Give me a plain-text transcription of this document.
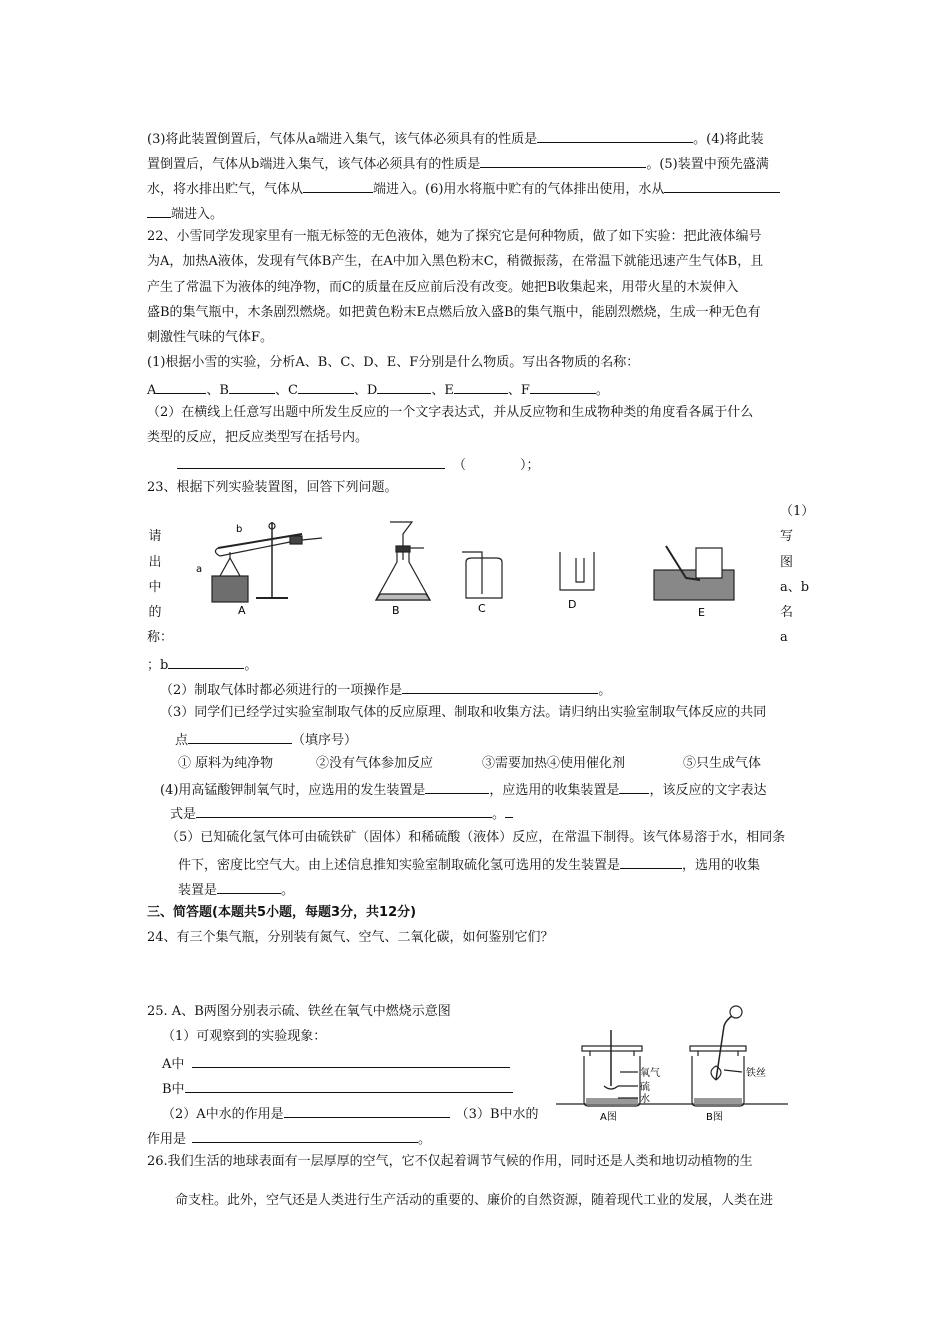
(3)将此装置倒置后，气体从a端进入集气，该气体必须具有的性质是	。(4)将此装
置倒置后，气体从b端进入集气，该气体必须具有的性质是	。(5)装置中预先盛满
水，将水排出贮气，气体从	端进入。(6)用水将瓶中贮有的气体排出使用，水从
端进入。
22、小雪同学发现家里有一瓶无标签的无色液体，她为了探究它是何种物质，做了如下实验：把此液体编号
为A，加热A液体，发现有气体B产生，在A中加入黑色粉末C，稍微振荡，在常温下就能迅速产生气体B，且
产生了常温下为液体的纯净物，而C的质量在反应前后没有改变。她把B收集起来，用带火星的木炭伸入
盛B的集气瓶中，木条剧烈燃烧。如把黄色粉末E点燃后放入盛B的集气瓶中，能剧烈燃烧，生成一种无色有
刺激性气味的气体F。
(1)根据小雪的实验，分析A、B、C、D、E、F分别是什么物质。写出各物质的名称：
A	、B	、C	、D	、E	、F	。
（2）在横线上任意写出题中所发生反应的一个文字表达式，并从反应物和生成物种类的角度看各属于什么
类型的反应，把反应类型写在括号内。
（	）；
23、根据下列实验装置图，回答下列问题。
请
出
中
的
称：
（1）
写
图
a、b
名
a
A
a
b
B	C	D
E
；b	。
（2）制取气体时都必须进行的一项操作是	。
（3）同学们已经学过实验室制取气体的反应原理、制取和收集方法。请归纳出实验室制取气体反应的共同
点	（填序号）
① 原料为纯净物	②没有气体参加反应	③需要加热④使用催化剂	⑤只生成气体
(4)用高锰酸钾制氧气时，应选用的发生装置是	，应选用的收集装置是 ，该反应的文字表达
式是	。
（5）已知硫化氢气体可由硫铁矿（固体）和稀硫酸（液体）反应，在常温下制得。该气体易溶于水，相同条
件下，密度比空气大。由上述信息推知实验室制取硫化氢可选用的发生装置是	，选用的收集
装置是	。
三、简答题(本题共5小题，每题3分，共12分)
24、有三个集气瓶，分别装有氮气、空气、二氧化碳，如何鉴别它们？
25. A、B两图分别表示硫、铁丝在氧气中燃烧示意图
（1）可观察到的实验现象：
A中
B中
（2）A中水的作用是	（3）B中水的
作用是	。
氧气
硫
水
铁丝
A图	B图
26.我们生活的地球表面有一层厚厚的空气，它不仅起着调节气候的作用，同时还是人类和地切动植物的生
命支柱。此外，空气还是人类进行生产活动的重要的、廉价的自然资源，随着现代工业的发展，人类在进
